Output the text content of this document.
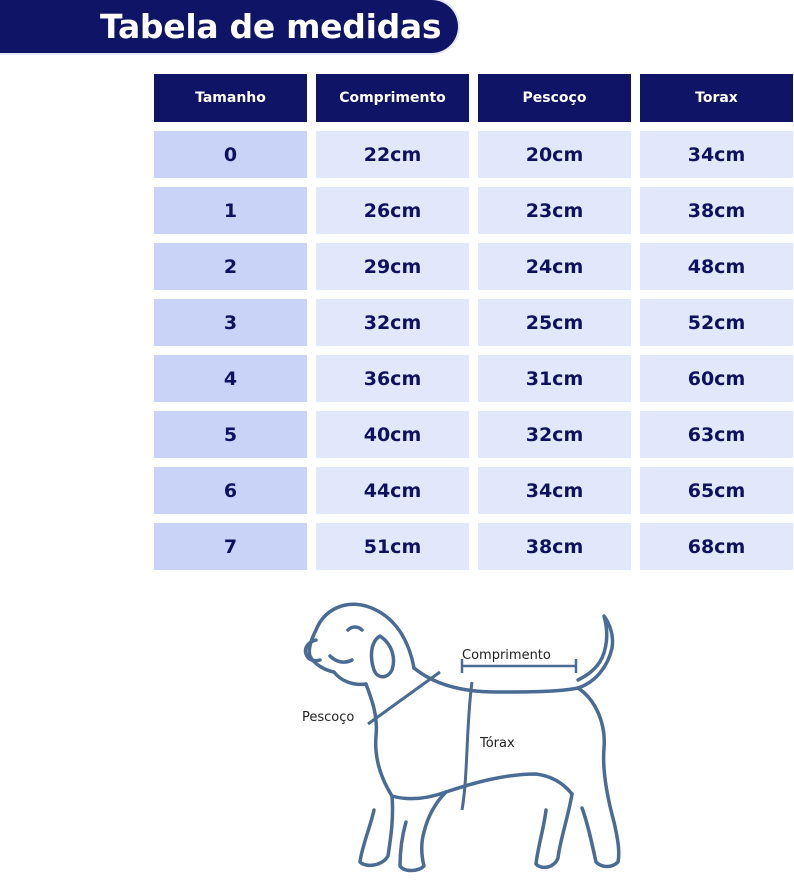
Tabela de medidas
Tamanho	Comprimento	Pescoço	Torax
0	22cm	20cm	34cm
1	26cm	23cm	38cm
2	29cm	24cm	48cm
3	32cm	25cm	52cm
4	36cm	31cm	60cm
5	40cm	32cm	63cm
6	44cm	34cm	65cm
7	51cm	38cm	68cm
Comprimento
Pescoço
Tórax
